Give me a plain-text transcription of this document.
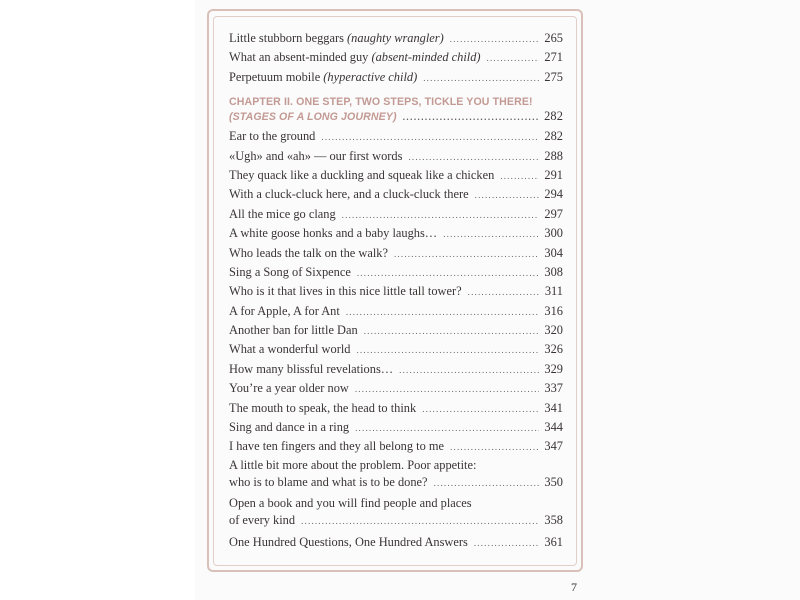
Little stubborn beggars (naughty wrangler) .....	265
What an absent-minded guy (absent-minded child) .....	271
Perpetuum mobile (hyperactive child) .....	275
CHAPTER II. ONE STEP, TWO STEPS, TICKLE YOU THERE!
(STAGES OF A LONG JOURNEY) .....	282
Ear to the ground .....	282
«Ugh» and «ah» — our first words .....	288
They quack like a duckling and squeak like a chicken .....	291
With a cluck-cluck here, and a cluck-cluck there .....	294
All the mice go clang .....	297
A white goose honks and a baby laughs… .....	300
Who leads the talk on the walk? .....	304
Sing a Song of Sixpence .....	308
Who is it that lives in this nice little tall tower? .....	311
A for Apple, A for Ant .....	316
Another ban for little Dan .....	320
What a wonderful world .....	326
How many blissful revelations… .....	329
You’re a year older now .....	337
The mouth to speak, the head to think .....	341
Sing and dance in a ring .....	344
I have ten fingers and they all belong to me .....	347
A little bit more about the problem. Poor appetite:
who is to blame and what is to be done? .....	350
Open a book and you will find people and places
of every kind .....	358
One Hundred Questions, One Hundred Answers .....	361
7
